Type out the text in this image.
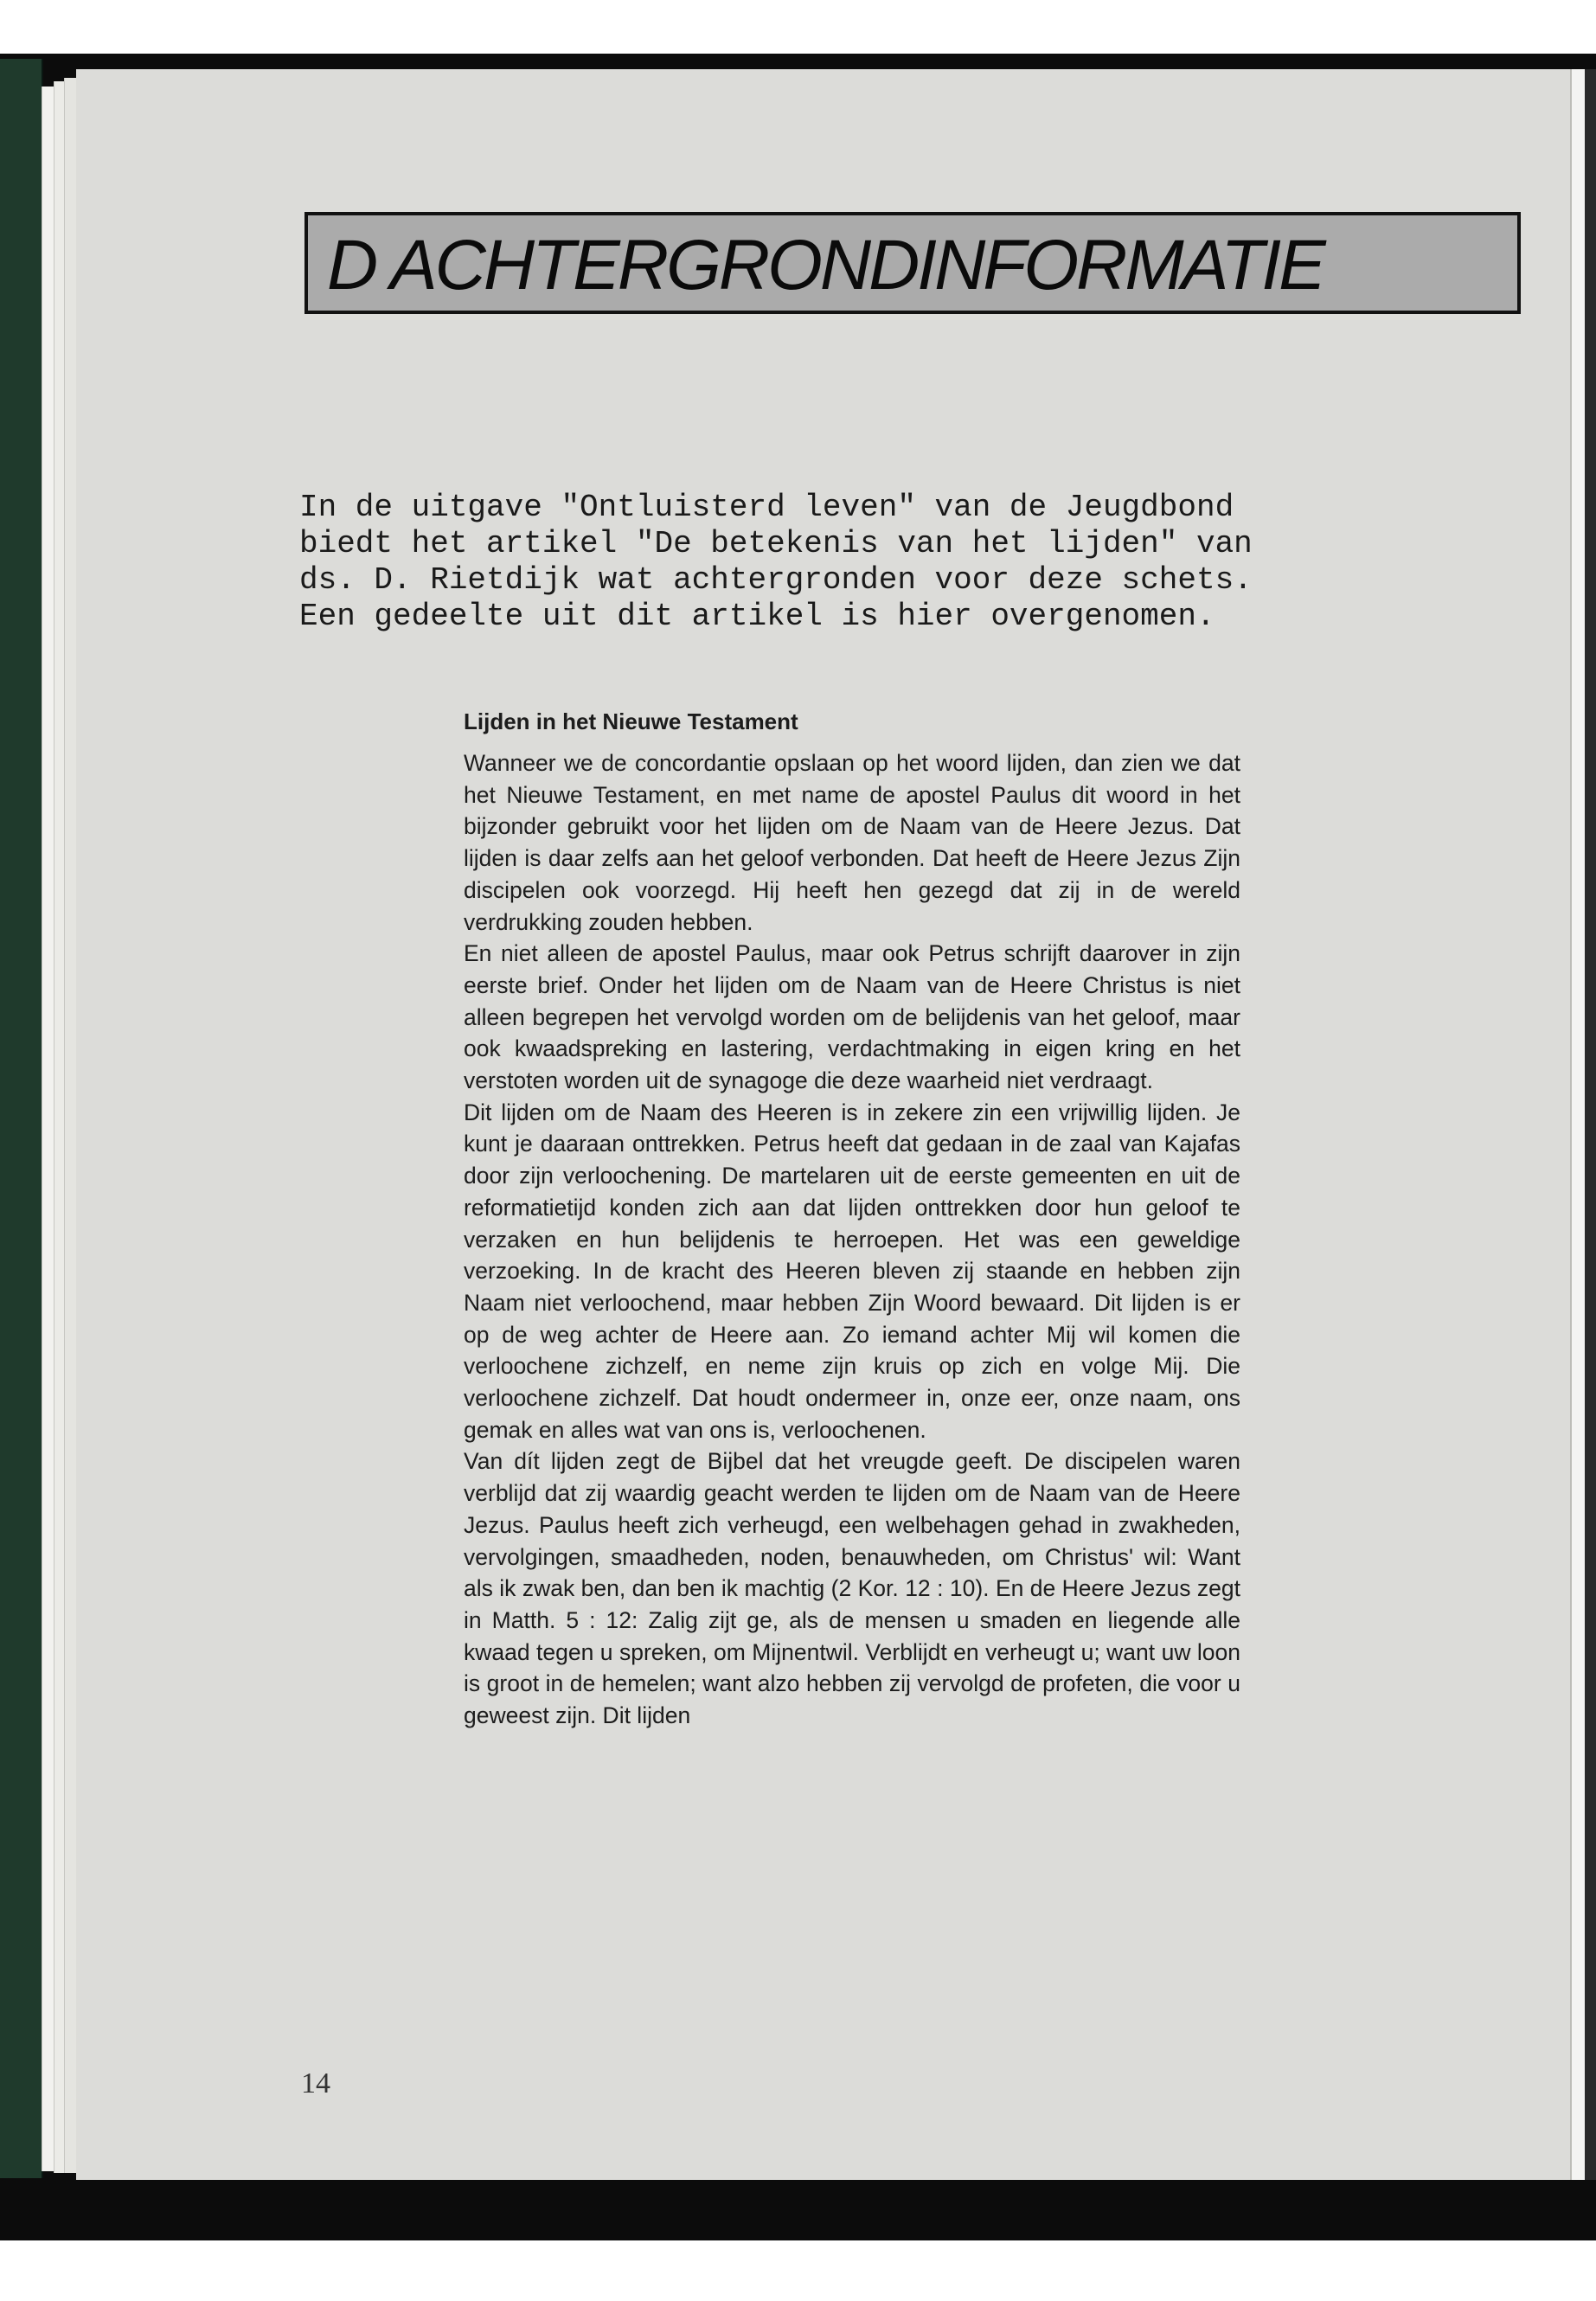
D ACHTERGRONDINFORMATIE

In de uitgave "Ontluisterd leven" van de Jeugdbond

biedt het artikel "De betekenis van het lijden" van

ds. D. Rietdijk wat achtergronden voor deze schets.

Een gedeelte uit dit artikel is hier overgenomen.

Lijden in het Nieuwe Testament

Wanneer we de concordantie opslaan op het woord lijden, dan zien we dat het Nieuwe Testament, en met name de apostel Paulus dit woord in het bijzonder gebruikt voor het lijden om de Naam van de Heere Jezus. Dat lijden is daar zelfs aan het geloof verbonden. Dat heeft de Heere Jezus Zijn discipelen ook voorzegd. Hij heeft hen gezegd dat zij in de wereld verdrukking zouden hebben.

En niet alleen de apostel Paulus, maar ook Petrus schrijft daarover in zijn eerste brief. Onder het lijden om de Naam van de Heere Christus is niet alleen begrepen het vervolgd worden om de belijdenis van het geloof, maar ook kwaadspreking en lastering, verdachtmaking in eigen kring en het verstoten worden uit de synagoge die deze waarheid niet verdraagt.

Dit lijden om de Naam des Heeren is in zekere zin een vrijwillig lijden. Je kunt je daaraan onttrekken. Petrus heeft dat gedaan in de zaal van Kajafas door zijn verloochening. De martelaren uit de eerste gemeenten en uit de reformatietijd konden zich aan dat lijden onttrekken door hun geloof te verzaken en hun belijdenis te herroepen. Het was een geweldige verzoeking. In de kracht des Heeren bleven zij staande en hebben zijn Naam niet verloochend, maar hebben Zijn Woord bewaard. Dit lijden is er op de weg achter de Heere aan. Zo iemand achter Mij wil komen die verloochene zichzelf, en neme zijn kruis op zich en volge Mij. Die verloochene zichzelf. Dat houdt ondermeer in, onze eer, onze naam, ons gemak en alles wat van ons is, verloochenen.

Van dít lijden zegt de Bijbel dat het vreugde geeft. De discipelen waren verblijd dat zij waardig geacht werden te lijden om de Naam van de Heere Jezus. Paulus heeft zich verheugd, een welbehagen gehad in zwakheden, vervolgingen, smaadheden, noden, benauwheden, om Christus' wil: Want als ik zwak ben, dan ben ik machtig (2 Kor. 12 : 10). En de Heere Jezus zegt in Matth. 5 : 12: Zalig zijt ge, als de mensen u smaden en liegende alle kwaad tegen u spreken, om Mijnentwil. Verblijdt en verheugt u; want uw loon is groot in de hemelen; want alzo hebben zij vervolgd de profeten, die voor u geweest zijn. Dit lijden

14
